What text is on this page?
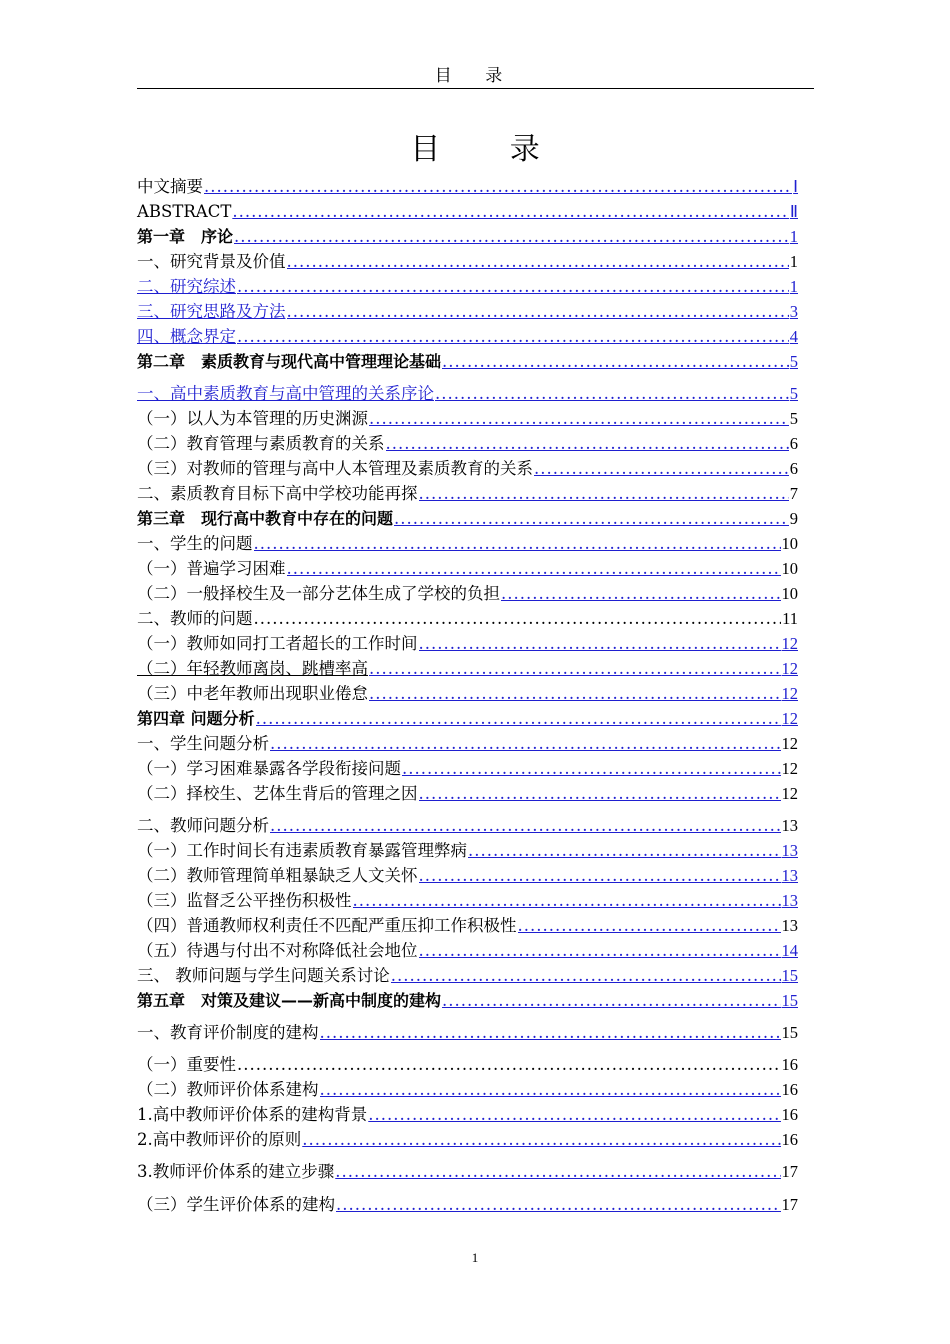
目 录
目 录
中文摘要 .....	Ⅰ
ABSTRACT .....	Ⅱ
第一章　序论 .....	1
一、研究背景及价值 .....	1
二、研究综述 .....	1
三、研究思路及方法 .....	3
四、概念界定 .....	4
第二章　素质教育与现代高中管理理论基础 .....	5
一、高中素质教育与高中管理的关系序论 .....	5
（一）以人为本管理的历史渊源 .....	5
（二）教育管理与素质教育的关系 .....	6
（三）对教师的管理与高中人本管理及素质教育的关系 .....	6
二、素质教育目标下高中学校功能再探 .....	7
第三章　现行高中教育中存在的问题 .....	9
一、学生的问题 .....	10
（一）普遍学习困难 .....	10
（二）一般择校生及一部分艺体生成了学校的负担 .....	10
二、教师的问题 .....	11
（一）教师如同打工者超长的工作时间 .....	12
（二）年轻教师离岗、跳槽率高 .....	12
（三）中老年教师出现职业倦怠 .....	12
第四章 问题分析 .....	12
一、学生问题分析 .....	12
（一）学习困难暴露各学段衔接问题 .....	12
（二）择校生、艺体生背后的管理之因 .....	12
二、教师问题分析 .....	13
（一）工作时间长有违素质教育暴露管理弊病 .....	13
（二）教师管理简单粗暴缺乏人文关怀 .....	13
（三）监督乏公平挫伤积极性 .....	13
（四）普通教师权利责任不匹配严重压抑工作积极性 .....	13
（五）待遇与付出不对称降低社会地位 .....	14
三、 教师问题与学生问题关系讨论 .....	15
第五章　对策及建议——新高中制度的建构 .....	15
一、教育评价制度的建构 .....	15
（一）重要性 .....	16
（二）教师评价体系建构 .....	16
1.高中教师评价体系的建构背景 .....	16
2.高中教师评价的原则 .....	16
3.教师评价体系的建立步骤 .....	17
（三）学生评价体系的建构 .....	17
1
